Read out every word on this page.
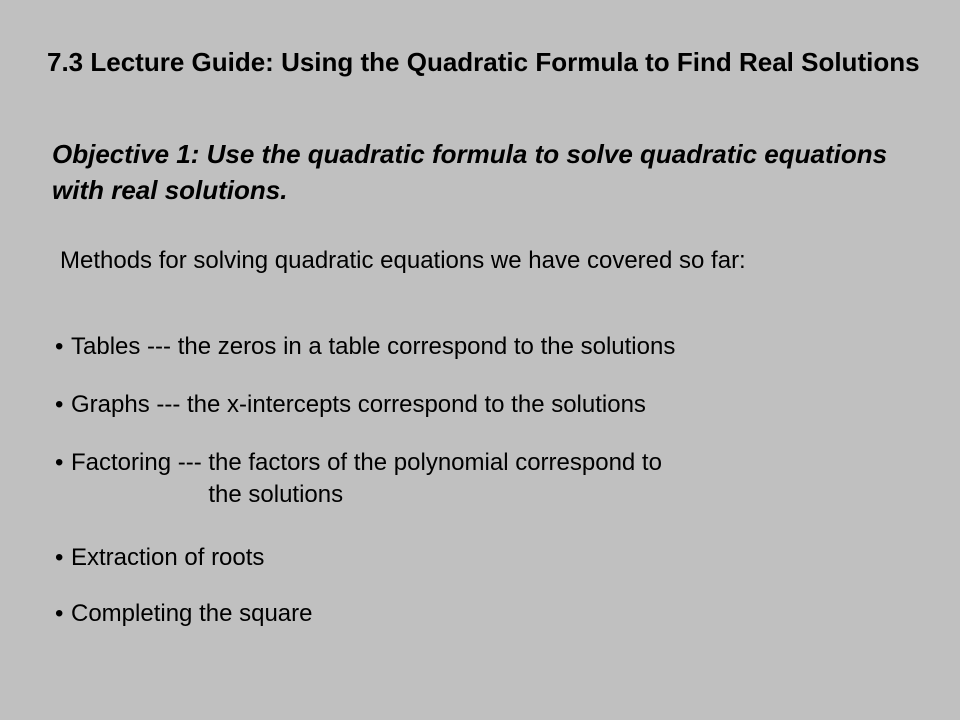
7.3 Lecture Guide: Using the Quadratic Formula to Find Real Solutions

Objective 1: Use the quadratic formula to solve quadratic equations with real solutions.

Methods for solving quadratic equations we have covered so far:

• Tables --- the zeros in a table correspond to the solutions
• Graphs --- the x-intercepts correspond to the solutions
• Factoring --- the factors of the polynomial correspond to
the solutions
• Extraction of roots
• Completing the square
